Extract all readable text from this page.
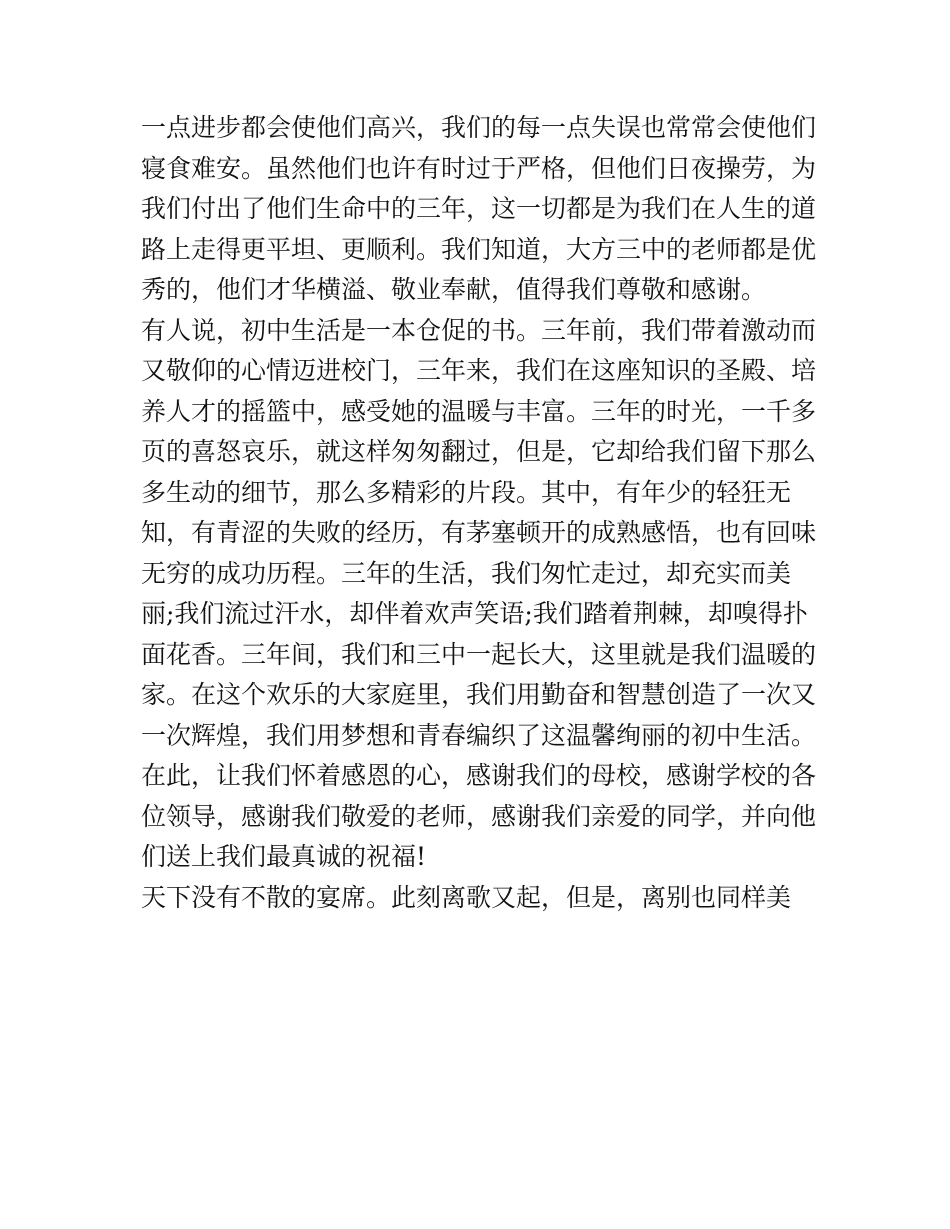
一点进步都会使他们高兴，我们的每一点失误也常常会使他们
寝食难安。虽然他们也许有时过于严格，但他们日夜操劳，为
我们付出了他们生命中的三年，这一切都是为我们在人生的道
路上走得更平坦、更顺利。我们知道，大方三中的老师都是优
秀的，他们才华横溢、敬业奉献，值得我们尊敬和感谢。
有人说，初中生活是一本仓促的书。三年前，我们带着激动而
又敬仰的心情迈进校门，三年来，我们在这座知识的圣殿、培
养人才的摇篮中，感受她的温暖与丰富。三年的时光，一千多
页的喜怒哀乐，就这样匆匆翻过，但是，它却给我们留下那么
多生动的细节，那么多精彩的片段。其中，有年少的轻狂无
知，有青涩的失败的经历，有茅塞顿开的成熟感悟，也有回味
无穷的成功历程。三年的生活，我们匆忙走过，却充实而美
丽;我们流过汗水，却伴着欢声笑语;我们踏着荆棘，却嗅得扑
面花香。三年间，我们和三中一起长大，这里就是我们温暖的
家。在这个欢乐的大家庭里，我们用勤奋和智慧创造了一次又
一次辉煌，我们用梦想和青春编织了这温馨绚丽的初中生活。
在此，让我们怀着感恩的心，感谢我们的母校，感谢学校的各
位领导，感谢我们敬爱的老师，感谢我们亲爱的同学，并向他
们送上我们最真诚的祝福!
天下没有不散的宴席。此刻离歌又起，但是，离别也同样美
